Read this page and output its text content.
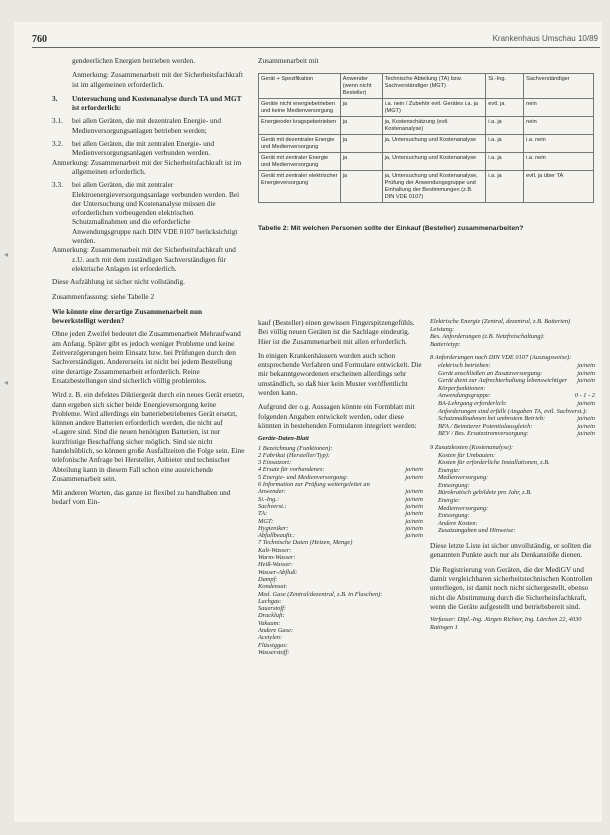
760	Krankenhaus Umschau 10/89
◂
◂

gendeerlichen Energien betrieben werden.

Anmerkung: Zusammenarbeit mit der Sicherheitsfachkraft ist im allgemeinen erforderlich.

3. Untersuchung und Kostenanalyse durch TA und MGT ist erforderlich:
3.1. bei allen Geräten, die mit dezentralen Energie- und Medienversorgungsanlagen betrieben werden;
3.2. bei allen Geräten, die mit zentralen Energie- und Medienversorgungsanlagen verbunden werden.
Anmerkung: Zusammenarbeit mit der Sicherheitsfachkraft ist im allgemeinen erforderlich.
3.3. bei allen Geräten, die mit zentraler Elektroenergieversorgungsanlage verbunden werden. Bei der Untersuchung und Kostenanalyse müssen die erforderlichen vorbeugenden elektrischen Schutzmaßnahmen und die erforderliche Anwendungsgruppe nach DIN VDE 0107 berücksichtigt werden.
Anmerkung: Zusammenarbeit mit der Sicherheitsfachkraft und z.U. auch mit dem zuständigen Sachverständigen für elektrische Anlagen ist erforderlich.

Diese Aufzählung ist sicher nicht vollständig.

Zusammenfassung: siehe Tabelle 2

Wie könnte eine derartige Zusammenarbeit nun bewerkstelligt werden?

Ohne jeden Zweifel bedeutet die Zusammenarbeit Mehraufwand am Anfang. Später gibt es jedoch weniger Probleme und keine Zeitverzögerungen beim Einsatz bzw. bei Prüfungen durch den Sachverständigen. Andererseits ist nicht bei jedem Bestellung eine derartige Zusammenarbeit erforderlich. Reine Ersatzbestellungen sind sicherlich völlig problemlos.

Wird z. B. ein defektes Diktiergerät durch ein neues Gerät ersetzt, dann ergeben sich sicher beide Energieversorgung keine Probleme. Wird allerdings ein batteriebetriebenes Gerät ersetzt, können andere Batterien erforderlich werden, die nicht auf »Lagere sind. Sind die neuen benötigten Batterien, ist nur kurzfristige Beschaffung sicher möglich. Sind sie nicht handelsüblich, so können große Ausfallzeiten die Folge sein. Eine telefonische Anfrage bei Hersteller, Anbieter und technischer Abteilung kann in diesem Fall schon eine ausreichende Zusammenarbeit sein.

Mit anderen Worten, das ganze ist flexibel zu handhaben und bedarf vom Ein-

Zusammenarbeit mit
Gerät + Spezifikation	Anwender (wenn nicht Besteller)	Technische Abteilung (TA) bzw. Sachverständiger (MGT)	Si.-Ing.	Sachverständiger
Geräte nicht energiebetrieben und keine Medienversorgung	ja	i.a. nein / Zubehör evtl. Gerätes i.a. ja (MGT)	evtl. ja	nein
Energieoder kragspebetrieben	ja	ja, Kostenschätzung (evtl. Kostenanalyse)	i.a. ja	nein
Gerät mit dezentraler Energie und Medienversorgung	ja	ja, Untersuchung und Kostenanalyse	i.a. ja	i.a. nein
Gerät mit zentraler Energie und Medienversorgung	ja	ja, Untersuchung und Kostenanalyse	i.a. ja	i.a. nein
Gerät mit zentraler elektrischer Energieversorgung	ja	ja, Untersuchung und Kostenanalyse, Prüfung der Anwendungsgruppe und Einhaltung der Bestimmungen (z.B. DIN VDE 0107)	i.a. ja	evtl. ja über TA
Tabelle 2: Mit welchen Personen sollte der Einkauf (Besteller) zusammenarbeiten?

kauf (Besteller) einen gewissen Fingerspitzengefühls. Bei völlig neuen Geräten ist die Sachlage eindeutig. Hier ist die Zusammenarbeit mit allen erforderlich.

In einigen Krankenhäusern wurden auch schon entsprechende Verfahren und Formulare entwickelt. Die mir bekanntgewordenen erscheinen allerdings sehr umständlich, so daß hier kein Muster veröffentlicht werden kann.

Aufgrund der o.g. Aussagen könnte ein Formblatt mit folgenden Angaben entwickelt werden, oder diese könnten in bestehenden Formularen integriert werden:

Geräte-Daten-Blatt
1 Bezeichnung (Funktionen):
2 Fabrikat (Hersteller/Typ):
3 Einsatzort:
4 Ersatz für vorhandenes:	ja/nein
5 Energie- und Medienversorgung:	ja/nein
6 Information zur Prüfung weitergeleitet an
Anwender:	ja/nein
Si.-Ing.:	ja/nein
Sachverst.:	ja/nein
TA:	ja/nein
MGT:	ja/nein
Hygieniker:	ja/nein
Abfallbeauftr.:	ja/nein
7 Technische Daten (Heizen, Menge)
Kalt-Wasser:
Warm-Wasser:
Heiß-Wasser:
Wasser-Abfluß:
Dampf:
Kondensat:
Med. Gase (Zentral/dezentral, z.B. in Flaschen):
Lachgas:
Sauerstoff:
Druckluft:
Vakuum:
Andere Gase:
Acetylen:
Flüssiggas:
Wasserstoff:
Elektrische Energie (Zentral, dezentral, z.B. Batterien)
Leistung:
Bes. Anforderungen (z.B. Netzfreischaltung):
Batterietyp:
8 Anforderungen nach DIN VDE 0107 (Auszugsweise):
elektrisch betrieben:	ja/nein
Gerät anschließen an Zusatzversorgung:	ja/nein
Gerät dient zur Aufrechterhaltung lebenswichtiger Körperfunktionen:
ja/nein
Anwendungsgruppe:	0 - 1 - 2
BA-Lehrgang erforderlich:	ja/nein
Anforderungen sind erfüllt (Angaben TA, evtl. Sachverst.):
Schutzmaßnahmen bei umbrotem Betrieb:	ja/nein
BFA / Beimiterer Potentialausgleich:	ja/nein
BEV / Bes. Ersatzstromversorgung:	ja/nein
9 Zusatzkosten (Kostenanalyse):
Kosten für Umbauten:
Kosten für erforderliche Installationen, z.B.
Energie:
Medienversorgung:
Entsorgung:
Bürokratisch gebildete pro Jahr, z.B.
Energie:
Medienversorgung:
Entsorgung:
Andere Kosten:
Zusatzangaben und Hinweise:

Diese letzte Liste ist sicher unvollständig, er sollten die genannten Punkte auch nur als Denkanstöße dienen.

Die Registrierung von Geräten, die der MediGV und damit vergleichbaren sicherheitstechnischen Kontrollen unterliegen, ist damit noch nicht sichergestellt, ebenso nicht die Abstimmung durch die Sicherheitsfachkraft, wenn die Geräte aufgestellt und betriebsbereit sind.

Verfasser: Dipl.-Ing. Jürgen Richter, Ing. Lärchen 22, 4030 Ratingen 1
